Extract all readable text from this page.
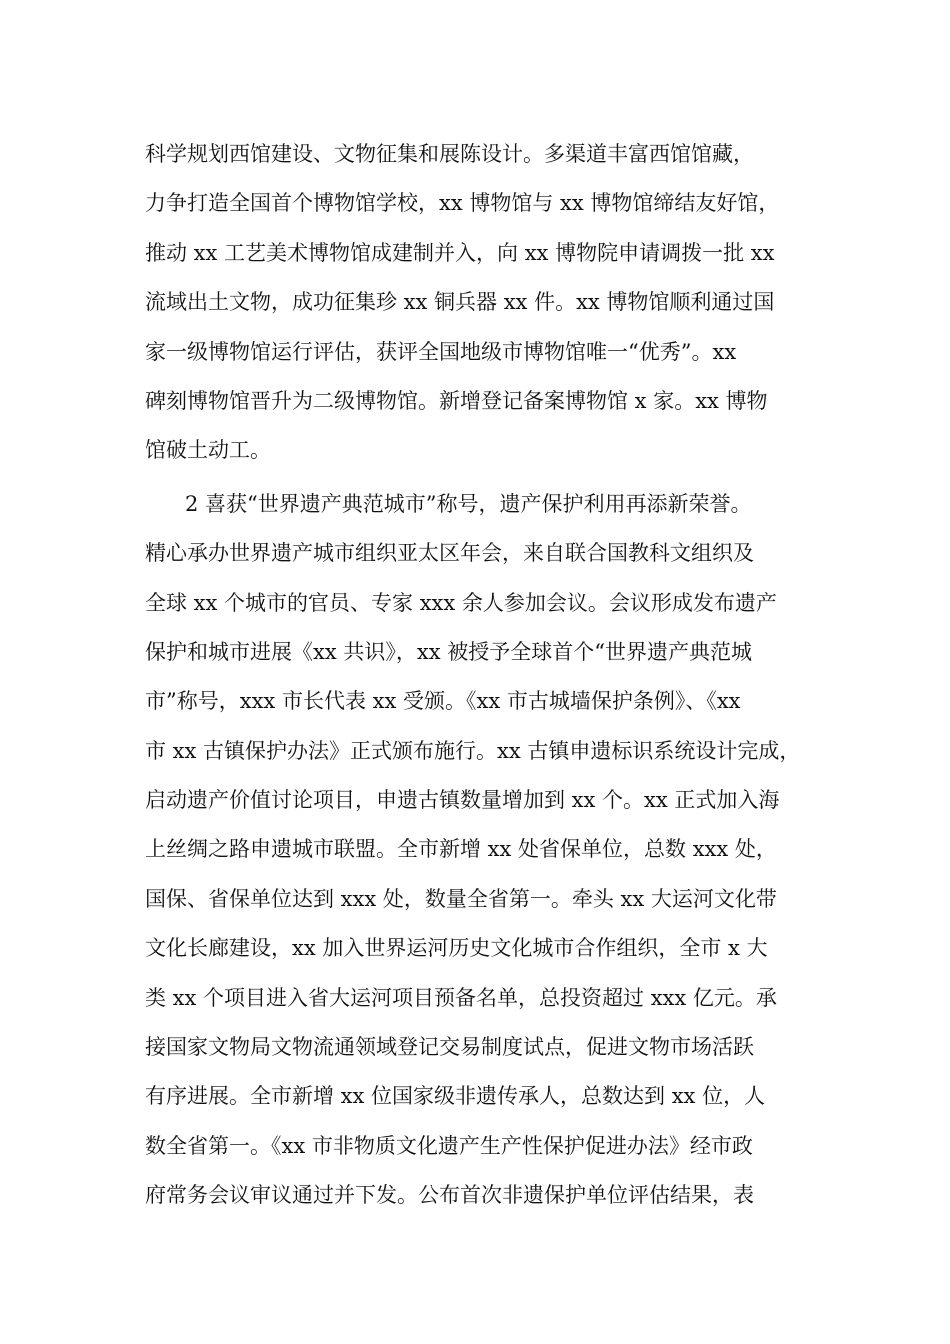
科学规划西馆建设、文物征集和展陈设计。多渠道丰富西馆馆藏，
力争打造全国首个博物馆学校，xx 博物馆与 xx 博物馆缔结友好馆，
推动 xx 工艺美术博物馆成建制并入，向 xx 博物院申请调拨一批 xx
流域出土文物，成功征集珍 xx 铜兵器 xx 件。xx 博物馆顺利通过国
家一级博物馆运行评估，获评全国地级市博物馆唯一“优秀”。xx
碑刻博物馆晋升为二级博物馆。新增登记备案博物馆 x 家。xx 博物
馆破土动工。
2 喜获“世界遗产典范城市”称号，遗产保护利用再添新荣誉。
精心承办世界遗产城市组织亚太区年会，来自联合国教科文组织及
全球 xx 个城市的官员、专家 xxx 余人参加会议。会议形成发布遗产
保护和城市进展《xx 共识》，xx 被授予全球首个“世界遗产典范城
市”称号，xxx 市长代表 xx 受颁。《xx 市古城墙保护条例》、《xx
市 xx 古镇保护办法》正式颁布施行。xx 古镇申遗标识系统设计完成，
启动遗产价值讨论项目，申遗古镇数量增加到 xx 个。xx 正式加入海
上丝绸之路申遗城市联盟。全市新增 xx 处省保单位，总数 xxx 处，
国保、省保单位达到 xxx 处，数量全省第一。牵头 xx 大运河文化带
文化长廊建设，xx 加入世界运河历史文化城市合作组织，全市 x 大
类 xx 个项目进入省大运河项目预备名单，总投资超过 xxx 亿元。承
接国家文物局文物流通领域登记交易制度试点，促进文物市场活跃
有序进展。全市新增 xx 位国家级非遗传承人，总数达到 xx 位，人
数全省第一。《xx 市非物质文化遗产生产性保护促进办法》经市政
府常务会议审议通过并下发。公布首次非遗保护单位评估结果，表
